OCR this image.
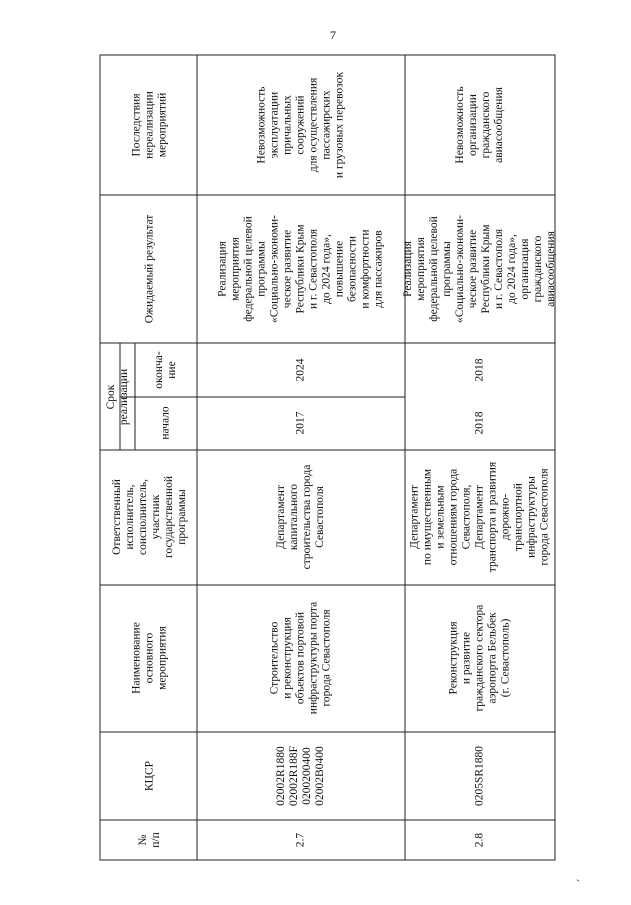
7
№ п/п
КЦСР
Наименование основного мероприятия
Ответственный исполнитель, соисполнитель, участник государственной программы
Срок реализации	начало
оконча- ние
Ожидаемый результат
Последствия нереализации мероприятий
2.7
02002R1880 02002R188F 0200200400 02002B0400
Строительство и реконструкция объектов портовой инфраструктуры порта города Севастополя
Департамент капитального строительства города Севастополя
2017
2024
Реализация мероприятия федеральной целевой программы «Социально-экономи- ческое развитие Республики Крым и г. Севастополя до 2024 года», повышение безопасности и комфортности для пассажиров
Невозможность эксплуатации причальных сооружений для осуществления пассажирских и грузовых перевозок
2.8
0205SR1880
Реконструкция и развитие гражданского сектора аэропорта Бельбек (г. Севастополь)
Департамент по имущественным и земельным отношениям города Севастополя, Департамент транспорта и развития дорожно- транспортной инфраструктуры города Севастополя
2018
2018
Реализация мероприятия федеральной целевой программы «Социально-экономи- ческое развитие Республики Крым и г. Севастополя до 2024 года», организация гражданского авиасообщения
Невозможность организации гражданского авиасообщения
ˎ
